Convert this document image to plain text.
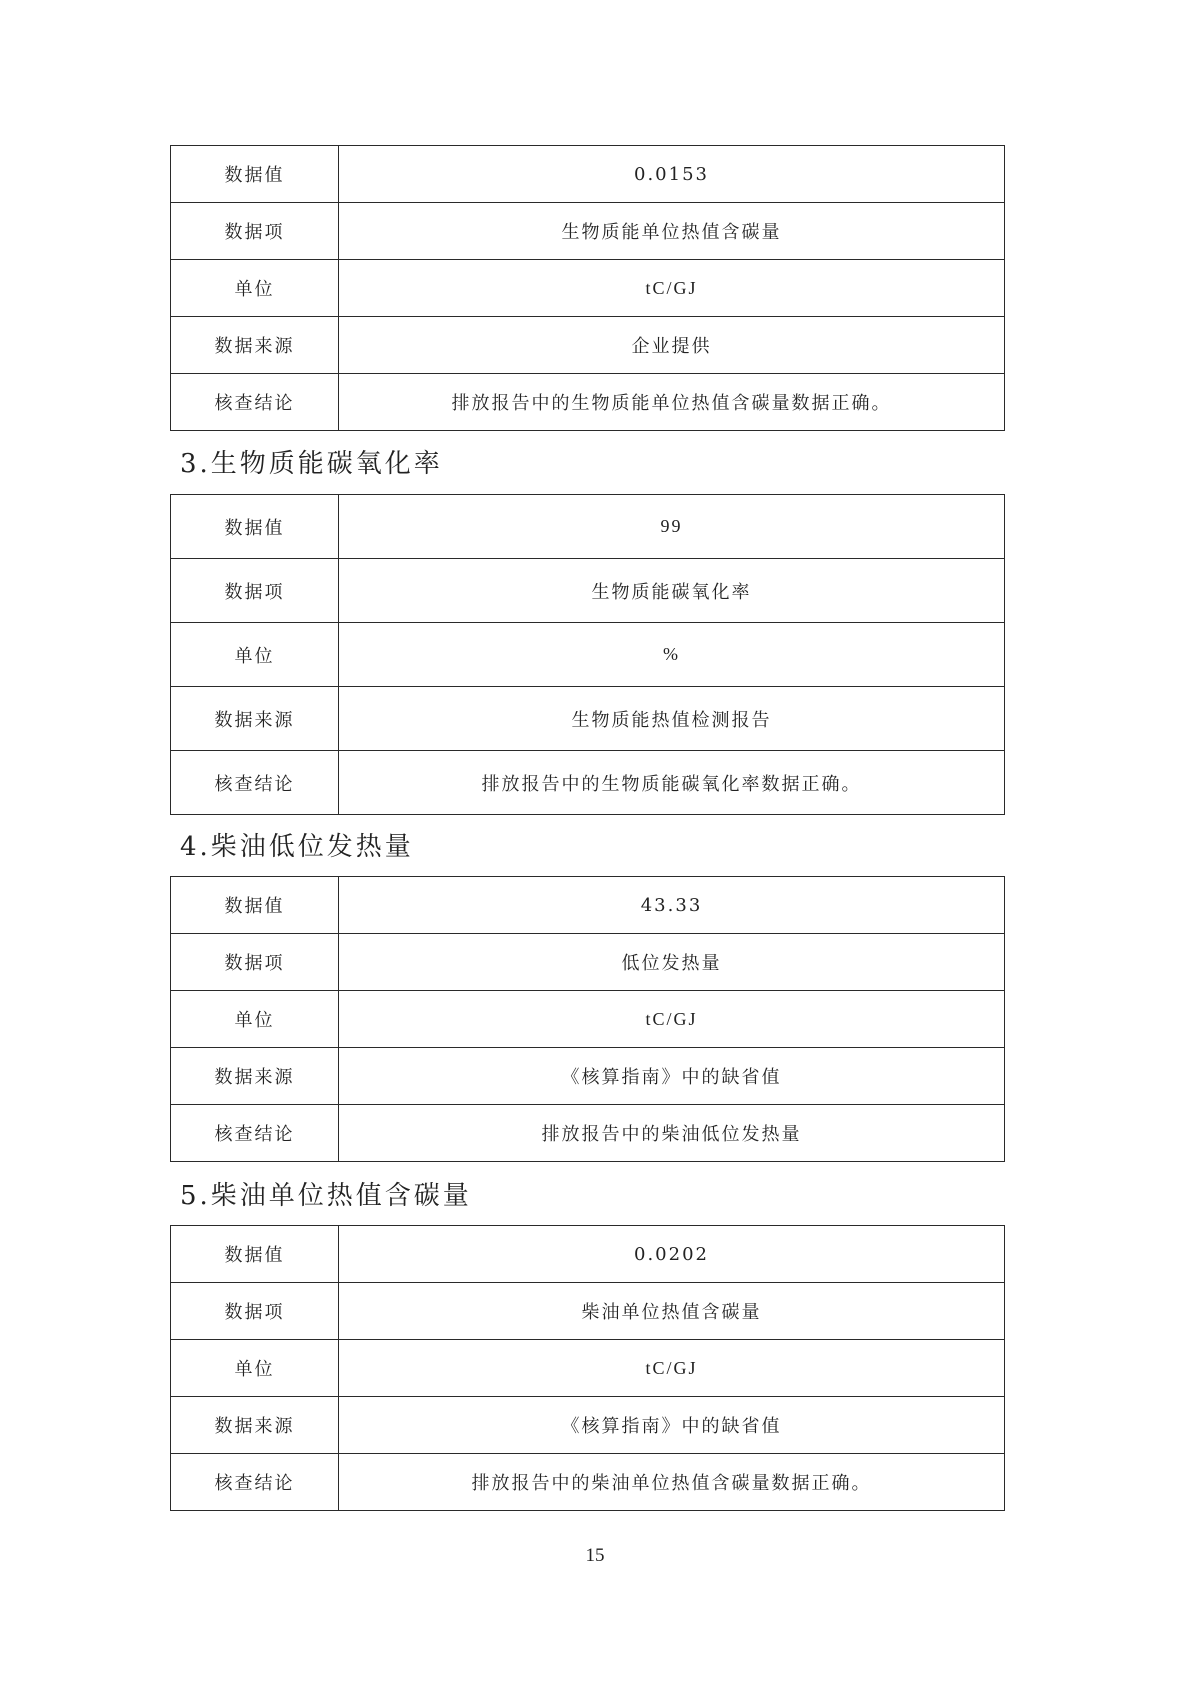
数据值	0.0153
数据项	生物质能单位热值含碳量
单位	tC/GJ
数据来源	企业提供
核查结论	排放报告中的生物质能单位热值含碳量数据正确。
3.生物质能碳氧化率
数据值	99
数据项	生物质能碳氧化率
单位	%
数据来源	生物质能热值检测报告
核查结论	排放报告中的生物质能碳氧化率数据正确。
4.柴油低位发热量
数据值	43.33
数据项	低位发热量
单位	tC/GJ
数据来源	《核算指南》中的缺省值
核查结论	排放报告中的柴油低位发热量
5.柴油单位热值含碳量
数据值	0.0202
数据项	柴油单位热值含碳量
单位	tC/GJ
数据来源	《核算指南》中的缺省值
核查结论	排放报告中的柴油单位热值含碳量数据正确。
15
